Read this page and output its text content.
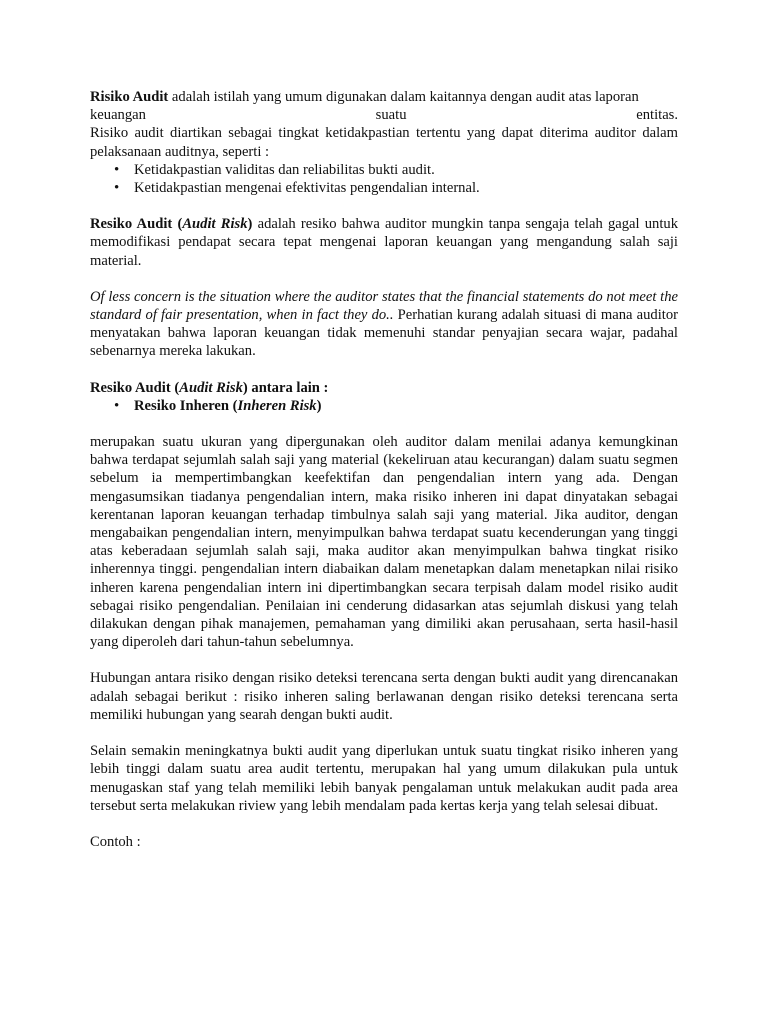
Risiko Audit adalah istilah yang umum digunakan dalam kaitannya dengan audit atas laporan

keuangan suatu entitas.

Risiko audit diartikan sebagai tingkat ketidakpastian tertentu yang dapat diterima auditor dalam pelaksanaan auditnya, seperti :

• Ketidakpastian validitas dan reliabilitas bukti audit.
• Ketidakpastian mengenai efektivitas pengendalian internal.

Resiko Audit (Audit Risk) adalah resiko bahwa auditor mungkin tanpa sengaja telah gagal untuk memodifikasi pendapat secara tepat mengenai laporan keuangan yang mengandung salah saji material.

Of less concern is the situation where the auditor states that the financial statements do not meet the standard of fair presentation, when in fact they do.. Perhatian kurang adalah situasi di mana auditor menyatakan bahwa laporan keuangan tidak memenuhi standar penyajian secara wajar, padahal sebenarnya mereka lakukan.

Resiko Audit (Audit Risk) antara lain :

• Resiko Inheren (Inheren Risk)

merupakan suatu ukuran yang dipergunakan oleh auditor dalam menilai adanya kemungkinan bahwa terdapat sejumlah salah saji yang material (kekeliruan atau kecurangan) dalam suatu segmen sebelum ia mempertimbangkan keefektifan dan pengendalian intern yang ada. Dengan mengasumsikan tiadanya pengendalian intern, maka risiko inheren ini dapat dinyatakan sebagai kerentanan laporan keuangan terhadap timbulnya salah saji yang material. Jika auditor, dengan mengabaikan pengendalian intern, menyimpulkan bahwa terdapat suatu kecenderungan yang tinggi atas keberadaan sejumlah salah saji, maka auditor akan menyimpulkan bahwa tingkat risiko inherennya tinggi. pengendalian intern diabaikan dalam menetapkan dalam menetapkan nilai risiko inheren karena pengendalian intern ini dipertimbangkan secara terpisah dalam model risiko audit sebagai risiko pengendalian. Penilaian ini cenderung didasarkan atas sejumlah diskusi yang telah dilakukan dengan pihak manajemen, pemahaman yang dimiliki akan perusahaan, serta hasil-hasil yang diperoleh dari tahun-tahun sebelumnya.

Hubungan antara risiko dengan risiko deteksi terencana serta dengan bukti audit yang direncanakan adalah sebagai berikut : risiko inheren saling berlawanan dengan risiko deteksi terencana serta memiliki hubungan yang searah dengan bukti audit.

Selain semakin meningkatnya bukti audit yang diperlukan untuk suatu tingkat risiko inheren yang lebih tinggi dalam suatu area audit tertentu, merupakan hal yang umum dilakukan pula untuk menugaskan staf yang telah memiliki lebih banyak pengalaman untuk melakukan audit pada area tersebut serta melakukan riview yang lebih mendalam pada kertas kerja yang telah selesai dibuat.

Contoh :
